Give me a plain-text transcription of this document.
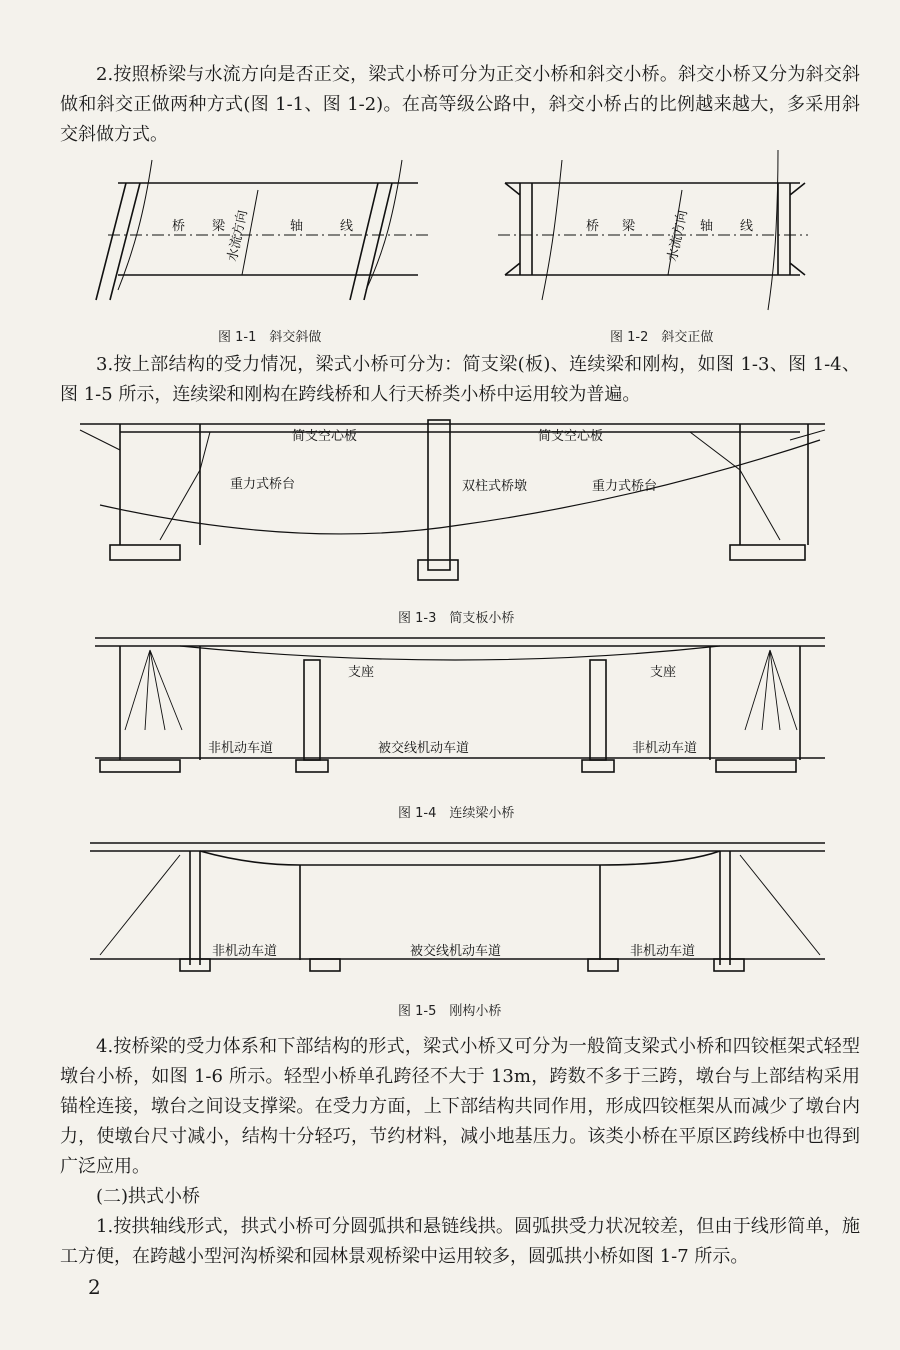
2.按照桥梁与水流方向是否正交，梁式小桥可分为正交小桥和斜交小桥。斜交小桥又分为斜交斜做和斜交正做两种方式(图 1-1、图 1-2)。在高等级公路中，斜交小桥占的比例越来越大，多采用斜交斜做方式。
桥 梁	轴	线
水流方向	桥 梁	轴 线
水流方向
图 1-1　斜交斜做	图 1-2　斜交正做
3.按上部结构的受力情况，梁式小桥可分为：简支梁(板)、连续梁和刚构，如图 1-3、图 1-4、图 1-5 所示，连续梁和刚构在跨线桥和人行天桥类小桥中运用较为普遍。
简支空心板	简支空心板
重力式桥台	重力式桥台
双柱式桥墩
图 1-3　简支板小桥
支座	支座
非机动车道	被交线机动车道	非机动车道
图 1-4　连续梁小桥
非机动车道	被交线机动车道	非机动车道
图 1-5　刚构小桥
4.按桥梁的受力体系和下部结构的形式，梁式小桥又可分为一般简支梁式小桥和四铰框架式轻型墩台小桥，如图 1-6 所示。轻型小桥单孔跨径不大于 13m，跨数不多于三跨，墩台与上部结构采用锚栓连接，墩台之间设支撑梁。在受力方面，上下部结构共同作用，形成四铰框架从而减少了墩台内力，使墩台尺寸减小，结构十分轻巧，节约材料，减小地基压力。该类小桥在平原区跨线桥中也得到广泛应用。
(二)拱式小桥
1.按拱轴线形式，拱式小桥可分圆弧拱和悬链线拱。圆弧拱受力状况较差，但由于线形简单，施工方便，在跨越小型河沟桥梁和园林景观桥梁中运用较多，圆弧拱小桥如图 1-7 所示。
2
